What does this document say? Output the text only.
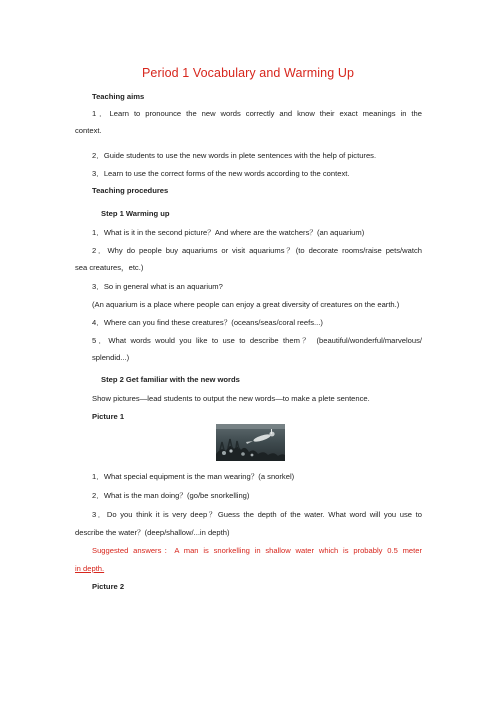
Period 1 Vocabulary and Warming Up
Teaching aims
1．Learn to pronounce the new words correctly and know their exact meanings in the
context.
2．Guide students to use the new words in plete sentences with the help of pictures.
3．Learn to use the correct forms of the new words according to the context.
Teaching procedures
Step 1 Warming up
1．What is it in the second picture？And where are the watchers？(an aquarium)
2．Why do people buy aquariums or visit aquariums？(to decorate rooms/raise pets/watch
sea creatures，etc.)
3．So in general what is an aquarium?
(An aquarium is a place where people can enjoy a great diversity of creatures on the earth.)
4．Where can you find these creatures？(oceans/seas/coral reefs...)
5．What words would you like to use to describe them？ (beautiful/wonderful/marvelous/
splendid...)
Step 2 Get familiar with the new words
Show pictures—lead students to output the new words—to make a plete sentence.
Picture 1
1．What special equipment is the man wearing？(a snorkel)
2．What is the man doing？(go/be snorkelling)
3．Do you think it is very deep？Guess the depth of the water. What word will you use to
describe the water？(deep/shallow/...in depth)
Suggested answers：A man is snorkelling in shallow water which is probably 0.5 meter
in depth.
Picture 2
